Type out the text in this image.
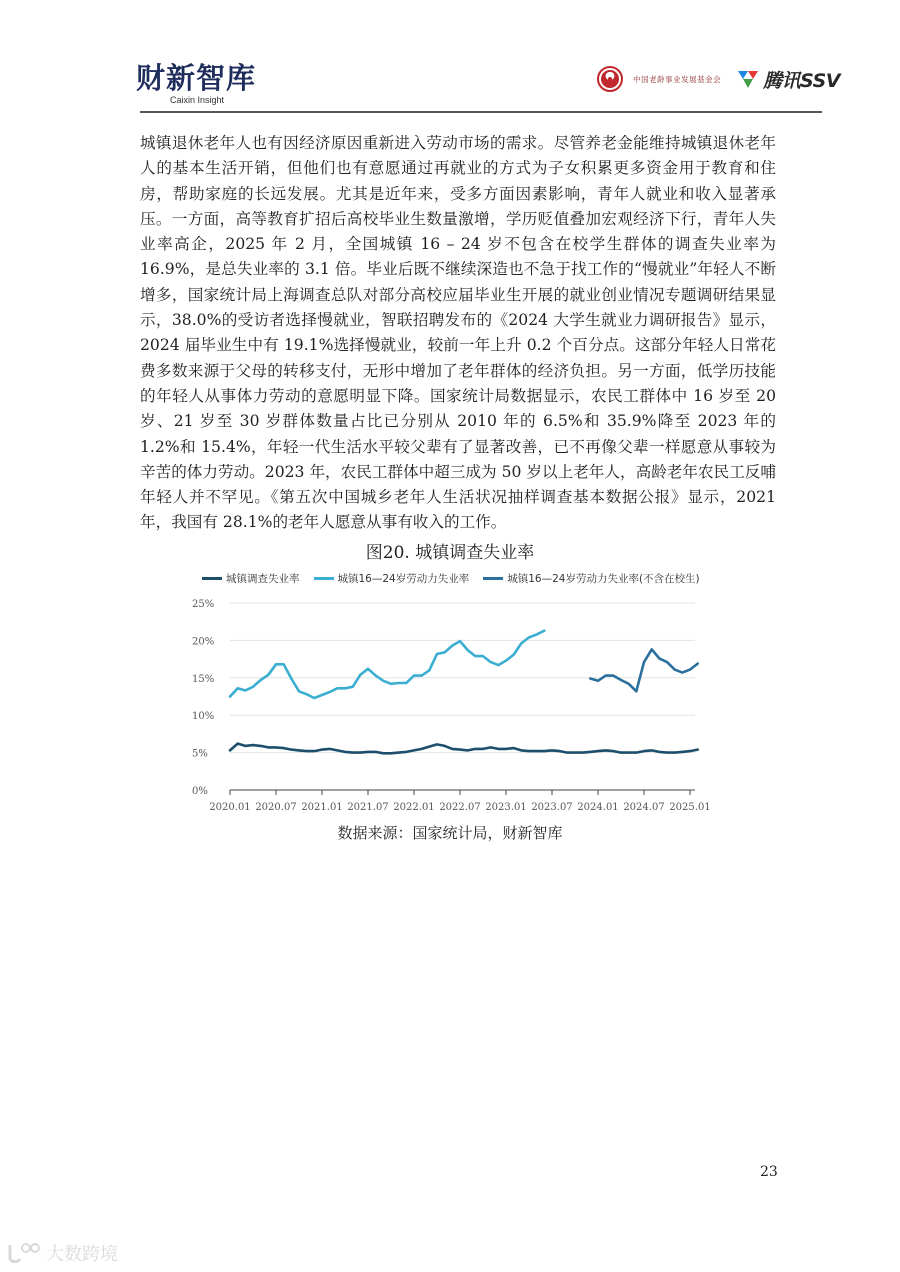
财新智库
Caixin Insight
中国老龄事业发展基金会 腾讯SSV

城镇退休老年人也有因经济原因重新进入劳动市场的需求。尽管养老金能维持城镇退休老年人的基本生活开销，但他们也有意愿通过再就业的方式为子女积累更多资金用于教育和住房，帮助家庭的长远发展。尤其是近年来，受多方面因素影响，青年人就业和收入显著承压。一方面，高等教育扩招后高校毕业生数量激增，学历贬值叠加宏观经济下行，青年人失业率高企，2025 年 2 月，全国城镇 16 – 24 岁不包含在校学生群体的调查失业率为 16.9%，是总失业率的 3.1 倍。毕业后既不继续深造也不急于找工作的“慢就业”年轻人不断增多，国家统计局上海调查总队对部分高校应届毕业生开展的就业创业情况专题调研结果显示，38.0%的受访者选择慢就业，智联招聘发布的《2024 大学生就业力调研报告》显示，2024 届毕业生中有 19.1%选择慢就业，较前一年上升 0.2 个百分点。这部分年轻人日常花费多数来源于父母的转移支付，无形中增加了老年群体的经济负担。另一方面，低学历技能的年轻人从事体力劳动的意愿明显下降。国家统计局数据显示，农民工群体中 16 岁至 20 岁、21 岁至 30 岁群体数量占比已分别从 2010 年的 6.5%和 35.9%降至 2023 年的 1.2%和 15.4%，年轻一代生活水平较父辈有了显著改善，已不再像父辈一样愿意从事较为辛苦的体力劳动。2023 年，农民工群体中超三成为 50 岁以上老年人，高龄老年农民工反哺年轻人并不罕见。《第五次中国城乡老年人生活状况抽样调查基本数据公报》显示，2021 年，我国有 28.1%的老年人愿意从事有收入的工作。

图20. 城镇调查失业率
城镇调查失业率	城镇16—24岁劳动力失业率	城镇16—24岁劳动力失业率(不含在校生)
0%
5%
10%
15%
20%
25%
2020.01 2020.07 2021.01 2021.07 2022.01 2022.07 2023.01 2023.07 2024.01 2024.07 2025.01
数据来源：国家统计局，财新智库
23
大数跨境
